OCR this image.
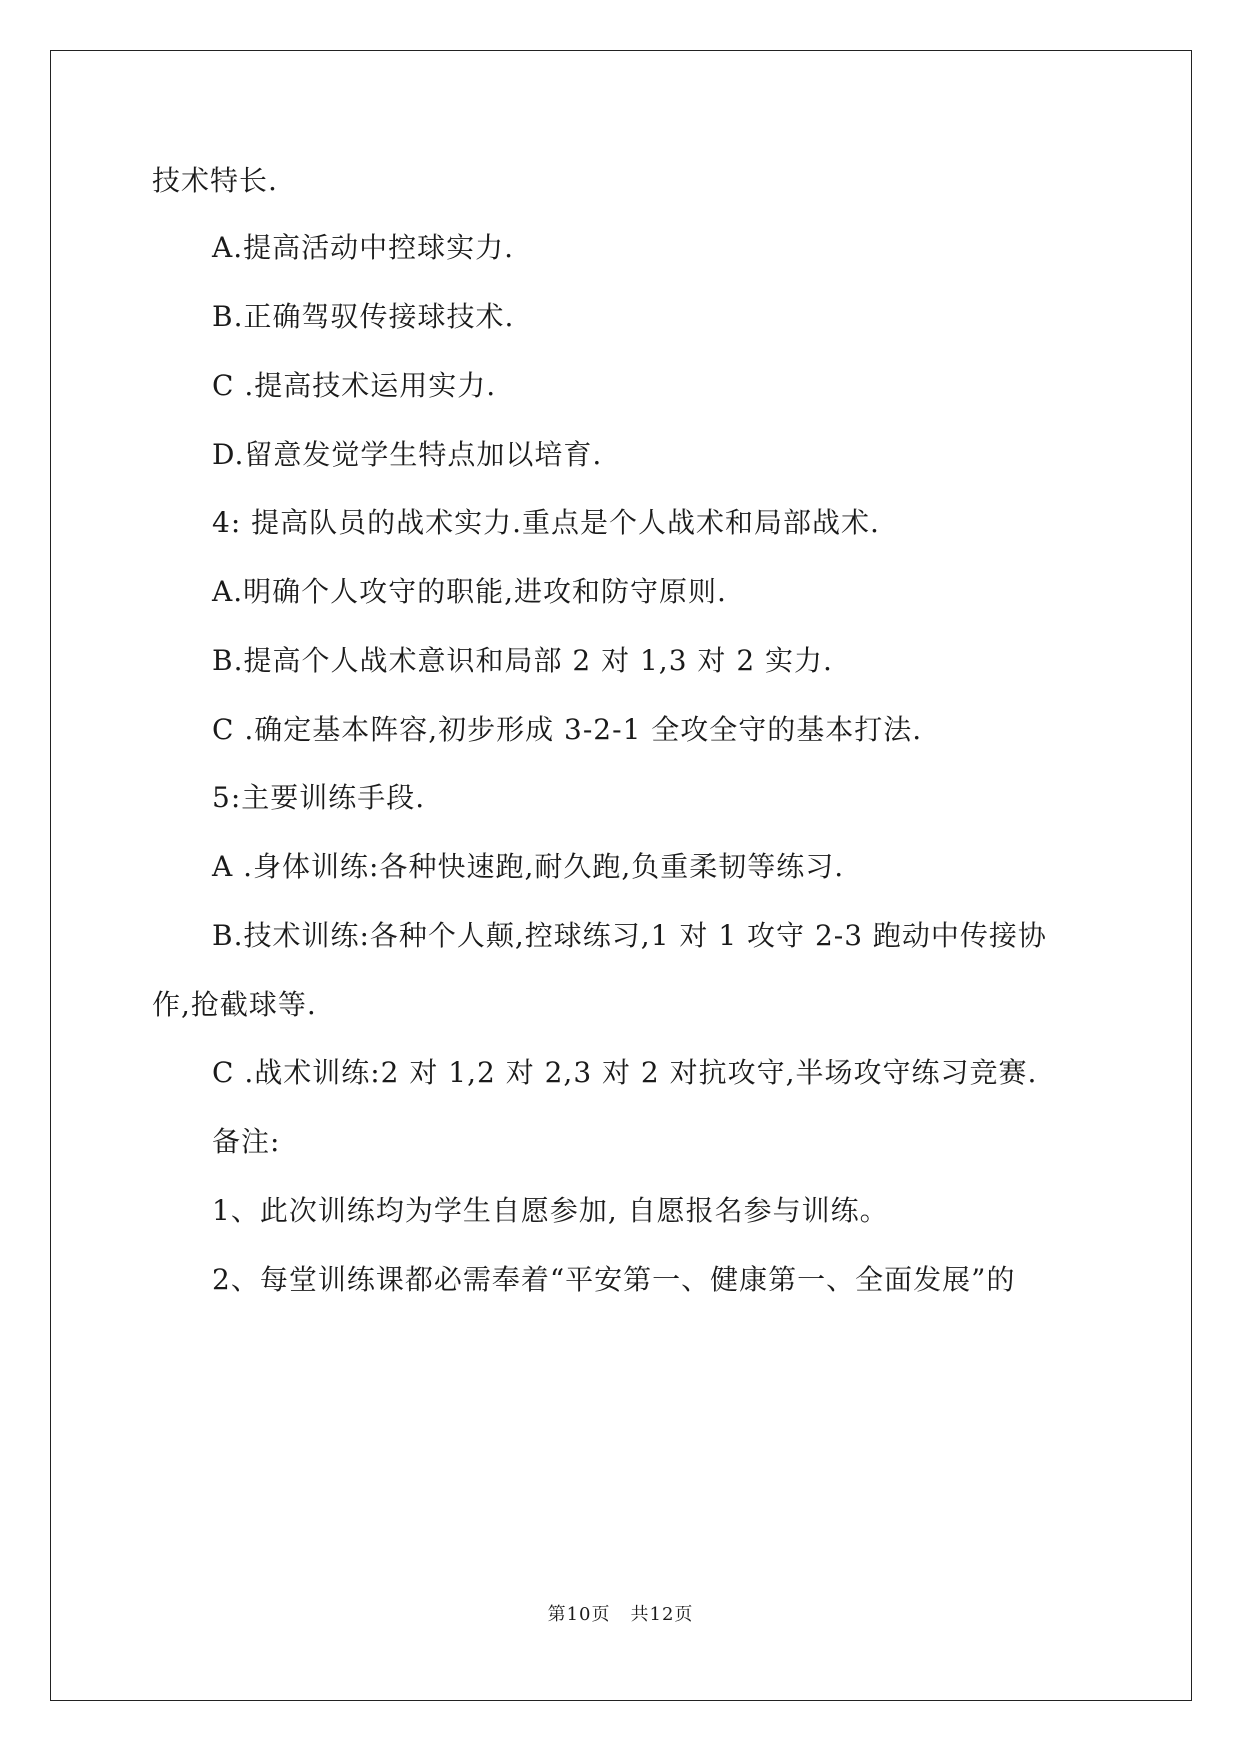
技术特长.
A.提高活动中控球实力.
B.正确驾驭传接球技术.
C .提高技术运用实力.
D.留意发觉学生特点加以培育.
4: 提高队员的战术实力.重点是个人战术和局部战术.
A.明确个人攻守的职能,进攻和防守原则.
B.提高个人战术意识和局部 2 对 1,3 对 2 实力.
C .确定基本阵容,初步形成 3-2-1 全攻全守的基本打法.
5:主要训练手段.
A .身体训练:各种快速跑,耐久跑,负重柔韧等练习.
B.技术训练:各种个人颠,控球练习,1 对 1 攻守 2-3 跑动中传接协
作,抢截球等.
C .战术训练:2 对 1,2 对 2,3 对 2 对抗攻守,半场攻守练习竞赛.
备注:
1、此次训练均为学生自愿参加, 自愿报名参与训练。
2、每堂训练课都必需奉着“平安第一、健康第一、全面发展”的
第10页 共12页
